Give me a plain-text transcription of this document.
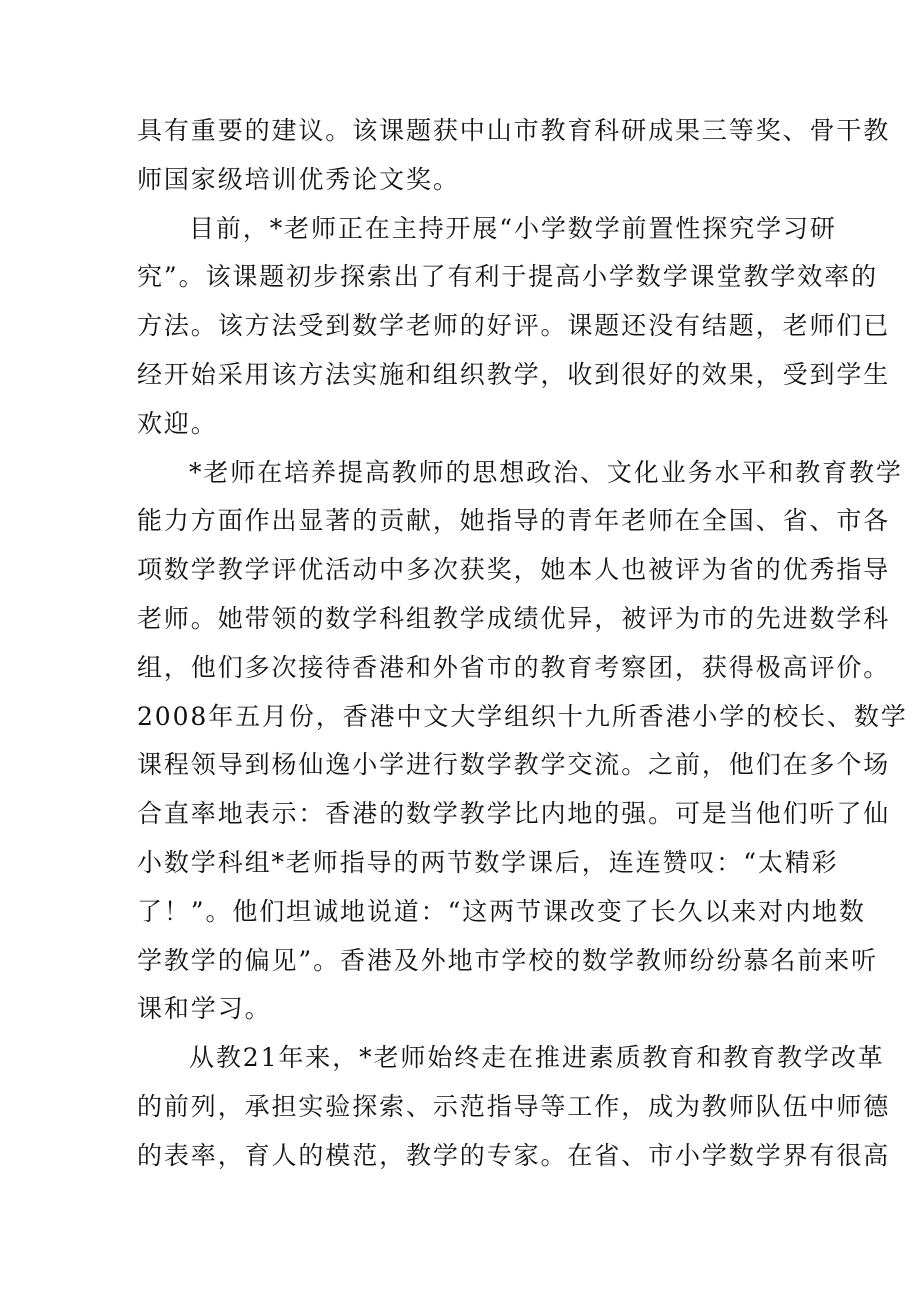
具有重要的建议。该课题获中山市教育科研成果三等奖、骨干教
师国家级培训优秀论文奖。
目前，*老师正在主持开展“小学数学前置性探究学习研
究”。该课题初步探索出了有利于提高小学数学课堂教学效率的
方法。该方法受到数学老师的好评。课题还没有结题，老师们已
经开始采用该方法实施和组织教学，收到很好的效果，受到学生
欢迎。
*老师在培养提高教师的思想政治、文化业务水平和教育教学
能力方面作出显著的贡献，她指导的青年老师在全国、省、市各
项数学教学评优活动中多次获奖，她本人也被评为省的优秀指导
老师。她带领的数学科组教学成绩优异，被评为市的先进数学科
组，他们多次接待香港和外省市的教育考察团，获得极高评价。
2008年五月份，香港中文大学组织十九所香港小学的校长、数学
课程领导到杨仙逸小学进行数学教学交流。之前，他们在多个场
合直率地表示：香港的数学教学比内地的强。可是当他们听了仙
小数学科组*老师指导的两节数学课后，连连赞叹：“太精彩
了！”。他们坦诚地说道：“这两节课改变了长久以来对内地数
学教学的偏见”。香港及外地市学校的数学教师纷纷慕名前来听
课和学习。
从教21年来，*老师始终走在推进素质教育和教育教学改革
的前列，承担实验探索、示范指导等工作，成为教师队伍中师德
的表率，育人的模范，教学的专家。在省、市小学数学界有很高
